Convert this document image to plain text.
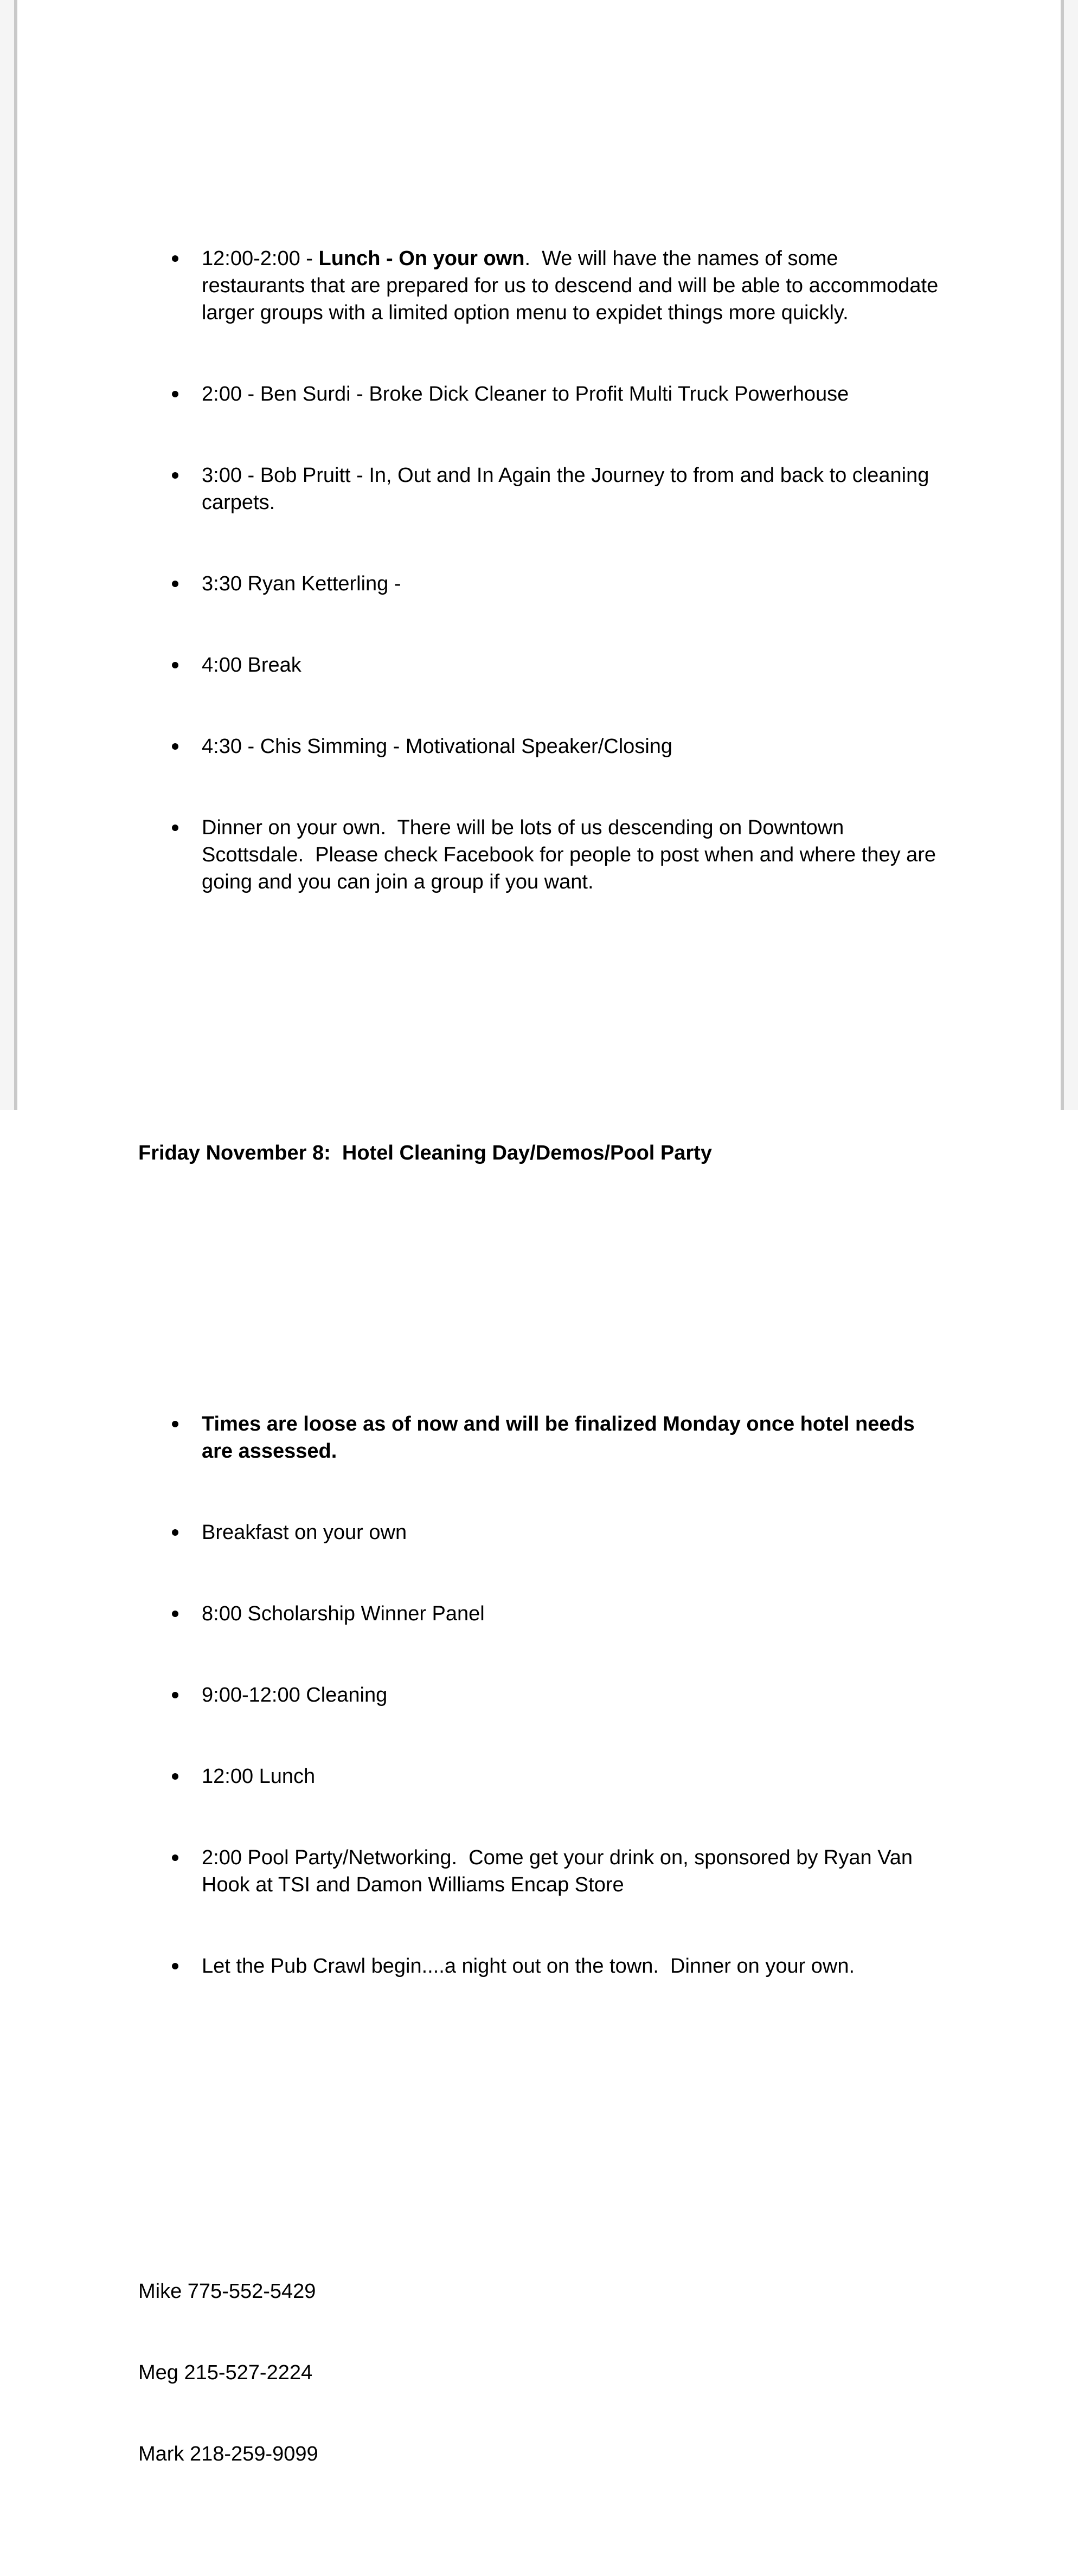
12:00-2:00 - Lunch - On your own.  We will have the names of some restaurants that are prepared for us to descend and will be able to accommodate larger groups with a limited option menu to expidet things more quickly.

2:00 - Ben Surdi - Broke Dick Cleaner to Profit Multi Truck Powerhouse

3:00 - Bob Pruitt - In, Out and In Again the Journey to from and back to cleaning carpets.

3:30 Ryan Ketterling -

4:00 Break

4:30 - Chis Simming - Motivational Speaker/Closing

Dinner on your own.  There will be lots of us descending on Downtown Scottsdale.  Please check Facebook for people to post when and where they are going and you can join a group if you want.

Friday November 8:  Hotel Cleaning Day/Demos/Pool Party

Times are loose as of now and will be finalized Monday once hotel needs are assessed.

Breakfast on your own

8:00 Scholarship Winner Panel

9:00-12:00 Cleaning

12:00 Lunch

2:00 Pool Party/Networking.  Come get your drink on, sponsored by Ryan Van Hook at TSI and Damon Williams Encap Store

Let the Pub Crawl begin....a night out on the town.  Dinner on your own.

Mike 775-552-5429

Meg 215-527-2224

Mark 218-259-9099
